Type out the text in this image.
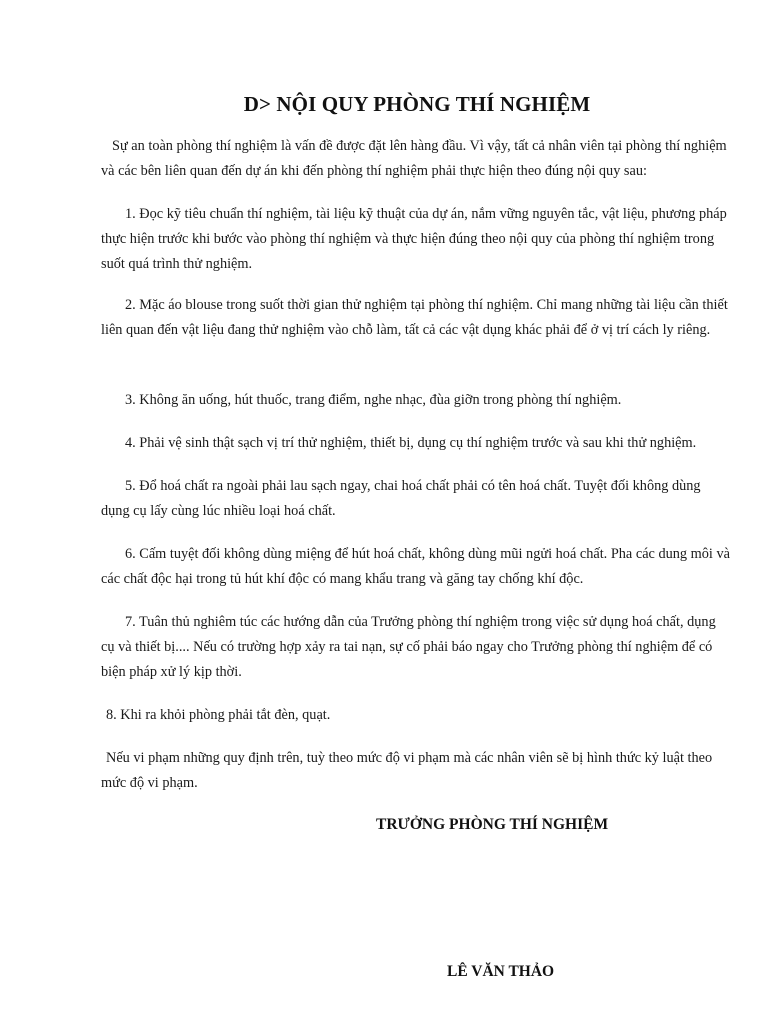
D> NỘI QUY PHÒNG THÍ NGHIỆM

Sự an toàn phòng thí nghiệm là vấn đề được đặt lên hàng đầu. Vì vậy, tất cả nhân viên tại phòng thí nghiệm và các bên liên quan đến dự án khi đến phòng thí nghiệm phải thực hiện theo đúng nội quy sau:

1. Đọc kỹ tiêu chuẩn thí nghiệm, tài liệu kỹ thuật của dự án, nắm vững nguyên tắc, vật liệu, phương pháp thực hiện trước khi bước vào phòng thí nghiệm và thực hiện đúng theo nội quy của phòng thí nghiệm trong suốt quá trình thử nghiệm.

2. Mặc áo blouse trong suốt thời gian thử nghiệm tại phòng thí nghiệm. Chỉ mang những tài liệu cần thiết liên quan đến vật liệu đang thử nghiệm vào chỗ làm, tất cả các vật dụng khác phải để ở vị trí cách ly riêng.

3. Không ăn uống, hút thuốc, trang điểm, nghe nhạc, đùa giỡn trong phòng thí nghiệm.

4. Phải vệ sinh thật sạch vị trí thử nghiệm, thiết bị, dụng cụ thí nghiệm trước và sau khi thử nghiệm.

5. Đổ hoá chất ra ngoài phải lau sạch ngay, chai hoá chất phải có tên hoá chất. Tuyệt đối không dùng dụng cụ lấy cùng lúc nhiều loại hoá chất.

6. Cấm tuyệt đối không dùng miệng để hút hoá chất, không dùng mũi ngửi hoá chất. Pha các dung môi và các chất độc hại trong tủ hút khí độc có mang khẩu trang và găng tay chống khí độc.

7. Tuân thủ nghiêm túc các hướng dẫn của Trưởng phòng thí nghiệm trong việc sử dụng hoá chất, dụng cụ và thiết bị.... Nếu có trường hợp xảy ra tai nạn, sự cố phải báo ngay cho Trưởng phòng thí nghiệm để có biện pháp xử lý kịp thời.

8. Khi ra khỏi phòng phải tắt đèn, quạt.

Nếu vi phạm những quy định trên, tuỳ theo mức độ vi phạm mà các nhân viên sẽ bị hình thức kỷ luật theo mức độ vi phạm.

TRƯỞNG PHÒNG THÍ NGHIỆM

LÊ VĂN THẢO
